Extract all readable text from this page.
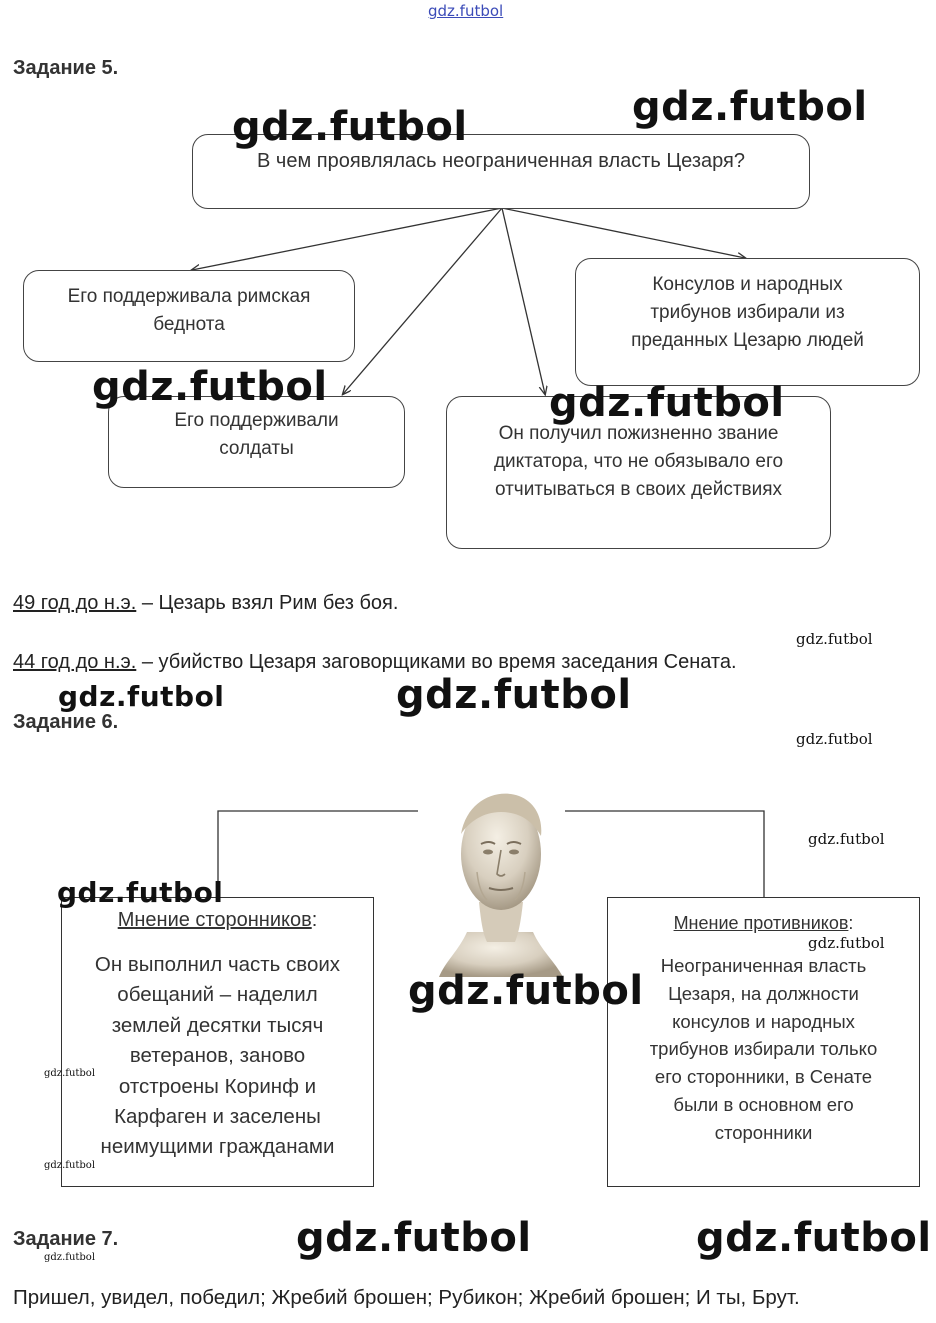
gdz.futbol
Задание 5.
В чем проявлялась неограниченная власть Цезаря?
Его поддерживала римская
беднота
Консулов и народных
трибунов избирали из
преданных Цезарю людей
Его поддерживали
солдаты
Он получил пожизненно звание
диктатора, что не обязывало его
отчитываться в своих действиях
49 год до н.э. – Цезарь взял Рим без боя.
44 год до н.э. – убийство Цезаря заговорщиками во время заседания Сената.
Задание 6.
Мнение сторонников:
Он выполнил часть своих
обещаний – наделил
землей десятки тысяч
ветеранов, заново
отстроены Коринф и
Карфаген и заселены
неимущими гражданами
Мнение противников:
Неограниченная власть
Цезаря, на должности
консулов и народных
трибунов избирали только
его сторонники, в Сенате
были в основном его
сторонники
Задание 7.
Пришел, увидел, победил; Жребий брошен; Рубикон; Жребий брошен; И ты, Брут.
gdz.futbol	gdz.futbol
gdz.futbol	gdz.futbol
gdz.futbol
gdz.futbol	gdz.futbol
gdz.futbol
gdz.futbol
gdz.futbol
gdz.futbol
gdz.futbol
gdz.futbol
gdz.futbol
gdz.futbol	gdz.futbol
gdz.futbol
